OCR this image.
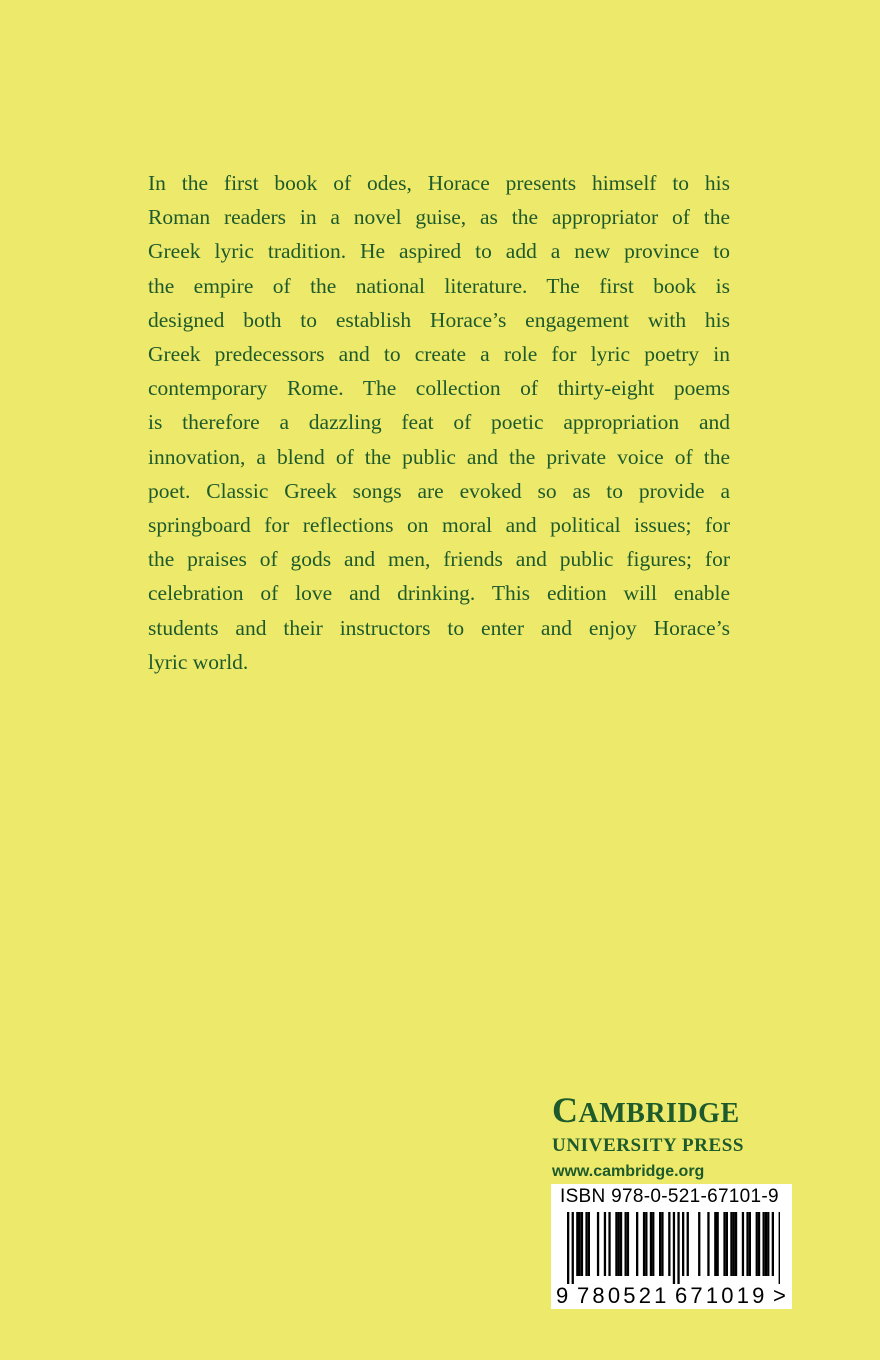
In the first book of odes, Horace presents himself to his
Roman readers in a novel guise, as the appropriator of the
Greek lyric tradition. He aspired to add a new province to
the empire of the national literature. The first book is
designed both to establish Horace’s engagement with his
Greek predecessors and to create a role for lyric poetry in
contemporary Rome. The collection of thirty-eight poems
is therefore a dazzling feat of poetic appropriation and
innovation, a blend of the public and the private voice of the
poet. Classic Greek songs are evoked so as to provide a
springboard for reflections on moral and political issues; for
the praises of gods and men, friends and public figures; for
celebration of love and drinking. This edition will enable
students and their instructors to enter and enjoy Horace’s
lyric world.
CAMBRIDGE
UNIVERSITY PRESS
www.cambridge.org
ISBN 978-0-521-67101-9
9 780521 671019 >
